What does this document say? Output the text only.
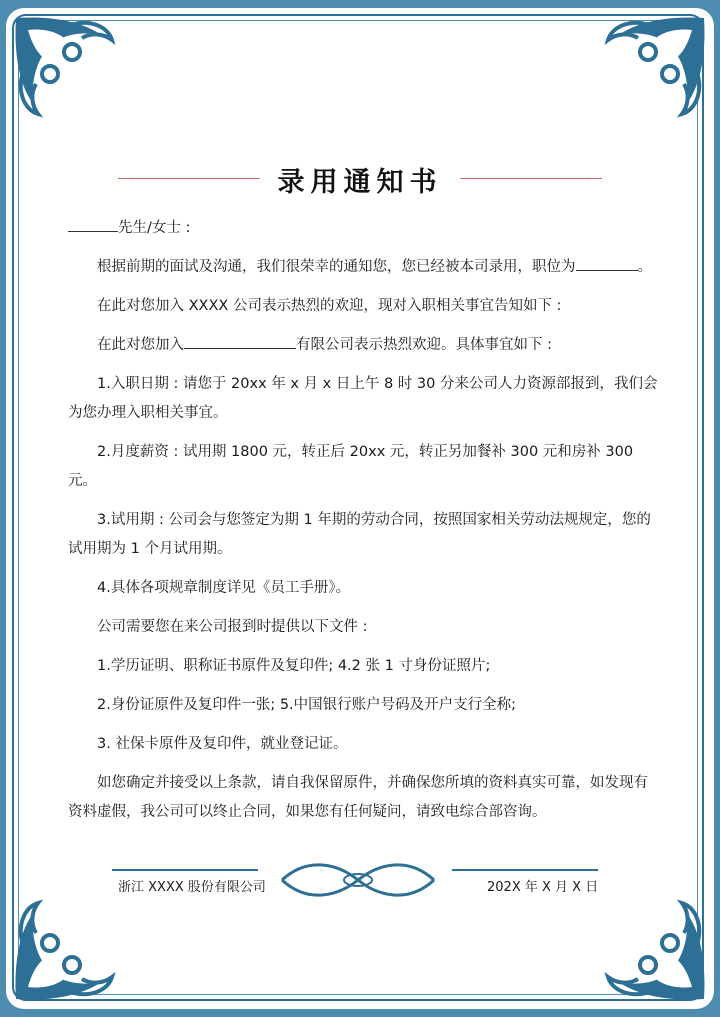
录用通知书

先生/女士 :

根据前期的面试及沟通，我们很荣幸的通知您，您已经被本司录用，职位为	。

在此对您加入 XXXX 公司表示热烈的欢迎，现对入职相关事宜告知如下 :

在此对您加入	有限公司表示热烈欢迎。具体事宜如下 :

1.入职日期 : 请您于 20xx 年 x 月 x 日上午 8 时 30 分来公司人力资源部报到，我们会为您办理入职相关事宜。

2.月度薪资 : 试用期 1800 元，转正后 20xx 元，转正另加餐补 300 元和房补 300 元。

3.试用期 : 公司会与您签定为期 1 年期的劳动合同，按照国家相关劳动法规规定，您的试用期为 1 个月试用期。

4.具体各项规章制度详见《员工手册》。

公司需要您在来公司报到时提供以下文件 :

1.学历证明、职称证书原件及复印件; 4.2 张 1 寸身份证照片;

2.身份证原件及复印件一张; 5.中国银行账户号码及开户支行全称;

3. 社保卡原件及复印件，就业登记证。

如您确定并接受以上条款，请自我保留原件，并确保您所填的资料真实可靠，如发现有资料虚假，我公司可以终止合同，如果您有任何疑问，请致电综合部咨询。

浙江 XXXX 股份有限公司	202X 年 X 月 X 日
